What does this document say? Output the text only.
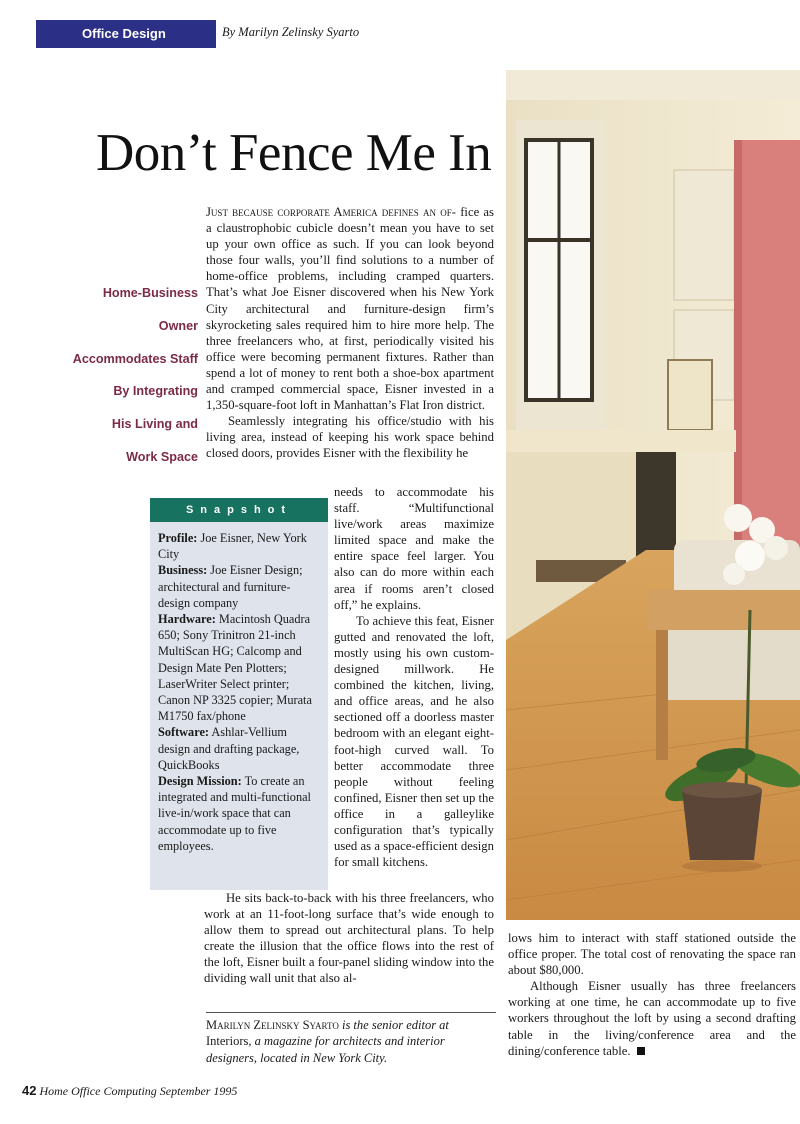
Office Design	By Marilyn Zelinsky Syarto
Don’t Fence Me In
Home-Business
Owner
Accommodates Staff
By Integrating
His Living and
Work Space

Just because corporate America defines an of- fice as a claustrophobic cubicle doesn’t mean you have to set up your own office as such. If you can look beyond those four walls, you’ll find solutions to a number of home-office problems, including cramped quarters. That’s what Joe Eisner discovered when his New York City architectural and furniture-design firm’s skyrocketing sales required him to hire more help. The three freelancers who, at first, periodically visited his office were becoming permanent fixtures. Rather than spend a lot of money to rent both a shoe-box apartment and cramped commercial space, Eisner invested in a 1,350-square-foot loft in Manhattan’s Flat Iron district.

Seamlessly integrating his office/studio with his living area, instead of keeping his work space behind closed doors, provides Eisner with the flexibility he

needs to accommodate his staff. “Multifunctional live/work areas maximize limited space and make the entire space feel larger. You also can do more within each area if rooms aren’t closed off,” he explains.

To achieve this feat, Eisner gutted and renovated the loft, mostly using his own custom-designed millwork. He combined the kitchen, living, and office areas, and he also sectioned off a doorless master bedroom with an elegant eight-foot-high curved wall. To better accommodate three people without feeling confined, Eisner then set up the office in a galleylike configuration that’s typically used as a space-efficient design for small kitchens.

Snapshot
Profile: Joe Eisner, New York City
Business: Joe Eisner Design; architectural and furniture-design company
Hardware: Macintosh Quadra 650; Sony Trinitron 21-inch MultiScan HG; Calcomp and Design Mate Pen Plotters; LaserWriter Select printer; Canon NP 3325 copier; Murata M1750 fax/phone
Software: Ashlar-Vellium design and drafting package, QuickBooks
Design Mission: To create an integrated and multi-functional live-in/work space that can accommodate up to five employees.

He sits back-to-back with his three freelancers, who work at an 11-foot-long surface that’s wide enough to allow them to spread out architectural plans. To help create the illusion that the office flows into the rest of the loft, Eisner built a four-panel sliding window into the dividing wall unit that also al-

lows him to interact with staff stationed outside the office proper. The total cost of renovating the space ran about $80,000.

Although Eisner usually has three freelancers working at one time, he can accommodate up to five workers throughout the loft by using a second drafting table in the living/conference area and the dining/conference table.

Marilyn Zelinsky Syarto is the senior editor at Interiors, a magazine for architects and interior designers, located in New York City.
42 Home Office Computing September 1995
